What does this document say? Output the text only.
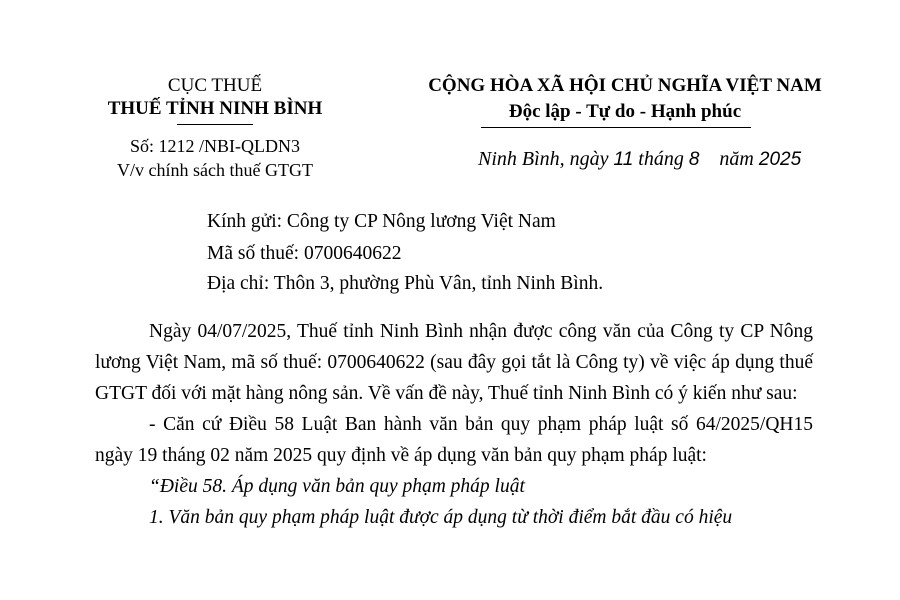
CỤC THUẾ
THUẾ TỈNH NINH BÌNH
Số: 1212 /NBI-QLDN3
V/v chính sách thuế GTGT
CỘNG HÒA XÃ HỘI CHỦ NGHĨA VIỆT NAM
Độc lập - Tự do - Hạnh phúc
Ninh Bình, ngày 11 tháng 8    năm 2025
Kính gửi: Công ty CP Nông lương Việt Nam
Mã số thuế: 0700640622
Địa chỉ: Thôn 3, phường Phù Vân, tỉnh Ninh Bình.

Ngày 04/07/2025, Thuế tỉnh Ninh Bình nhận được công văn của Công ty CP Nông lương Việt Nam, mã số thuế: 0700640622 (sau đây gọi tắt là Công ty) về việc áp dụng thuế GTGT đối với mặt hàng nông sản. Về vấn đề này, Thuế tỉnh Ninh Bình có ý kiến như sau:

- Căn cứ Điều 58 Luật Ban hành văn bản quy phạm pháp luật số 64/2025/QH15 ngày 19 tháng 02 năm 2025 quy định về áp dụng văn bản quy phạm pháp luật:

“Điều 58. Áp dụng văn bản quy phạm pháp luật

1. Văn bản quy phạm pháp luật được áp dụng từ thời điểm bắt đầu có hiệu
